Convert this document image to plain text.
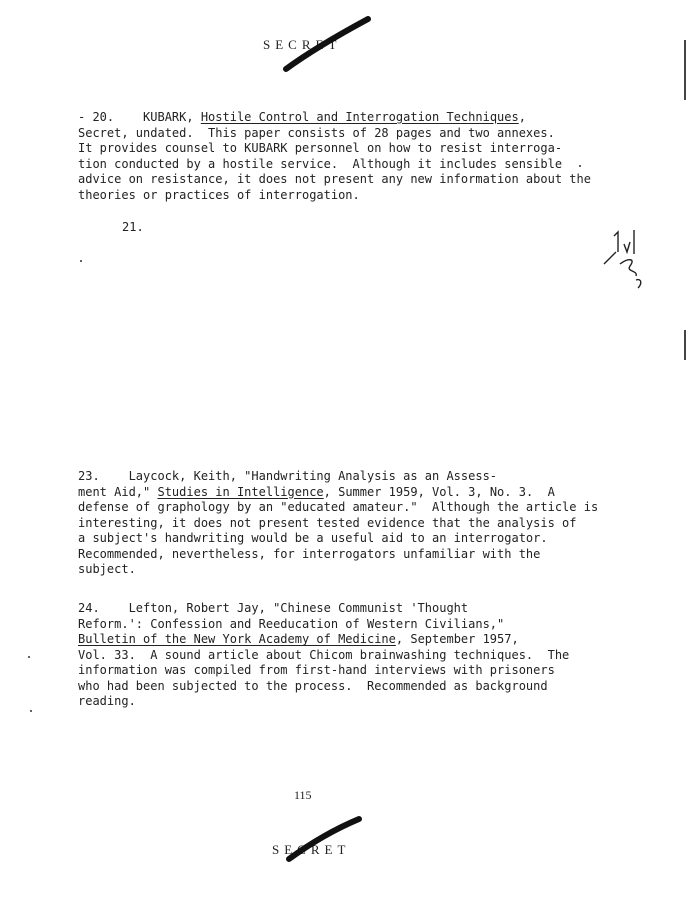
SECRET
- 20.    KUBARK, Hostile Control and Interrogation Techniques,
Secret, undated.  This paper consists of 28 pages and two annexes.
It provides counsel to KUBARK personnel on how to resist interroga-
tion conducted by a hostile service.  Although it includes sensible
advice on resistance, it does not present any new information about the
theories or practices of interrogation.
21.
23.    Laycock, Keith, "Handwriting Analysis as an Assess-
ment Aid," Studies in Intelligence, Summer 1959, Vol. 3, No. 3.  A
defense of graphology by an "educated amateur."  Although the article is
interesting, it does not present tested evidence that the analysis of
a subject's handwriting would be a useful aid to an interrogator.
Recommended, nevertheless, for interrogators unfamiliar with the
subject.
24.    Lefton, Robert Jay, "Chinese Communist 'Thought
Reform.': Confession and Reeducation of Western Civilians,"
Bulletin of the New York Academy of Medicine, September 1957,
Vol. 33.  A sound article about Chicom brainwashing techniques.  The
information was compiled from first-hand interviews with prisoners
who had been subjected to the process.  Recommended as background
reading.
115
SECRET
